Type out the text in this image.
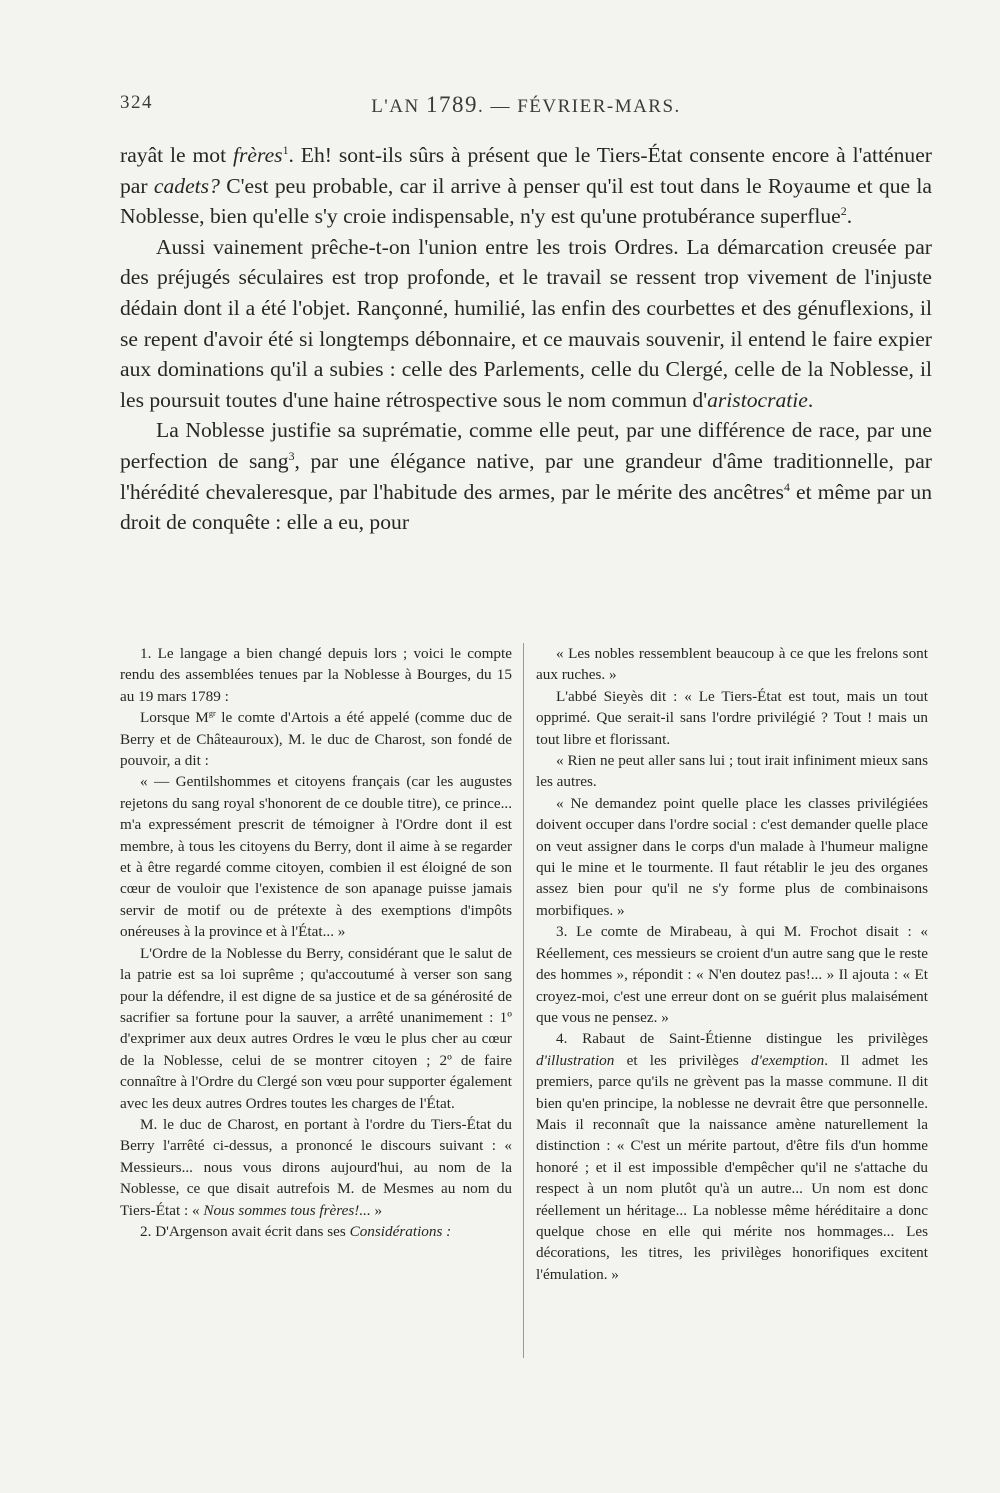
324	L'AN 1789. — FÉVRIER-MARS.

rayât le mot frères$^1$. Eh! sont-ils sûrs à présent que le Tiers-État consente encore à l'atténuer par cadets? C'est peu probable, car il arrive à penser qu'il est tout dans le Royaume et que la Noblesse, bien qu'elle s'y croie indispensable, n'y est qu'une protubérance superflue$^2$.

Aussi vainement prêche-t-on l'union entre les trois Ordres. La démarcation creusée par des préjugés séculaires est trop profonde, et le travail se ressent trop vivement de l'injuste dédain dont il a été l'objet. Rançonné, humilié, las enfin des courbettes et des génuflexions, il se repent d'avoir été si longtemps débonnaire, et ce mauvais souvenir, il entend le faire expier aux dominations qu'il a subies : celle des Parlements, celle du Clergé, celle de la Noblesse, il les poursuit toutes d'une haine rétrospective sous le nom commun d'aristocratie.

La Noblesse justifie sa suprématie, comme elle peut, par une différence de race, par une perfection de sang$^3$, par une élégance native, par une grandeur d'âme traditionnelle, par l'hérédité chevaleresque, par l'habitude des armes, par le mérite des ancêtres$^4$ et même par un droit de conquête : elle a eu, pour

1. Le langage a bien changé depuis lors ; voici le compte rendu des assemblées tenues par la Noblesse à Bourges, du 15 au 19 mars 1789 :

Lorsque $M^{gr}$ le comte d'Artois a été appelé (comme duc de Berry et de Châteauroux), M. le duc de Charost, son fondé de pouvoir, a dit :

« — Gentilshommes et citoyens français (car les augustes rejetons du sang royal s'honorent de ce double titre), ce prince... m'a expressément prescrit de témoigner à l'Ordre dont il est membre, à tous les citoyens du Berry, dont il aime à se regarder et à être regardé comme citoyen, combien il est éloigné de son cœur de vouloir que l'existence de son apanage puisse jamais servir de motif ou de prétexte à des exemptions d'impôts onéreuses à la province et à l'État... »

L'Ordre de la Noblesse du Berry, considérant que le salut de la patrie est sa loi suprême ; qu'accoutumé à verser son sang pour la défendre, il est digne de sa justice et de sa générosité de sacrifier sa fortune pour la sauver, a arrêté unanimement : 1º d'exprimer aux deux autres Ordres le vœu le plus cher au cœur de la Noblesse, celui de se montrer citoyen ; 2º de faire connaître à l'Ordre du Clergé son vœu pour supporter également avec les deux autres Ordres toutes les charges de l'État.

M. le duc de Charost, en portant à l'ordre du Tiers-État du Berry l'arrêté ci-dessus, a prononcé le discours suivant : « Messieurs... nous vous dirons aujourd'hui, au nom de la Noblesse, ce que disait autrefois M. de Mesmes au nom du Tiers-État : « Nous sommes tous frères!... »

2. D'Argenson avait écrit dans ses Considérations :

« Les nobles ressemblent beaucoup à ce que les frelons sont aux ruches. »

L'abbé Sieyès dit : « Le Tiers-État est tout, mais un tout opprimé. Que serait-il sans l'ordre privilégié ? Tout ! mais un tout libre et florissant.

« Rien ne peut aller sans lui ; tout irait infiniment mieux sans les autres.

« Ne demandez point quelle place les classes privilégiées doivent occuper dans l'ordre social : c'est demander quelle place on veut assigner dans le corps d'un malade à l'humeur maligne qui le mine et le tourmente. Il faut rétablir le jeu des organes assez bien pour qu'il ne s'y forme plus de combinaisons morbifiques. »

3. Le comte de Mirabeau, à qui M. Frochot disait : « Réellement, ces messieurs se croient d'un autre sang que le reste des hommes », répondit : « N'en doutez pas!... » Il ajouta : « Et croyez-moi, c'est une erreur dont on se guérit plus malaisément que vous ne pensez. »

4. Rabaut de Saint-Étienne distingue les privilèges d'illustration et les privilèges d'exemption. Il admet les premiers, parce qu'ils ne grèvent pas la masse commune. Il dit bien qu'en principe, la noblesse ne devrait être que personnelle. Mais il reconnaît que la naissance amène naturellement la distinction : « C'est un mérite partout, d'être fils d'un homme honoré ; et il est impossible d'empêcher qu'il ne s'attache du respect à un nom plutôt qu'à un autre... Un nom est donc réellement un héritage... La noblesse même héréditaire a donc quelque chose en elle qui mérite nos hommages... Les décorations, les titres, les privilèges honorifiques excitent l'émulation. »
